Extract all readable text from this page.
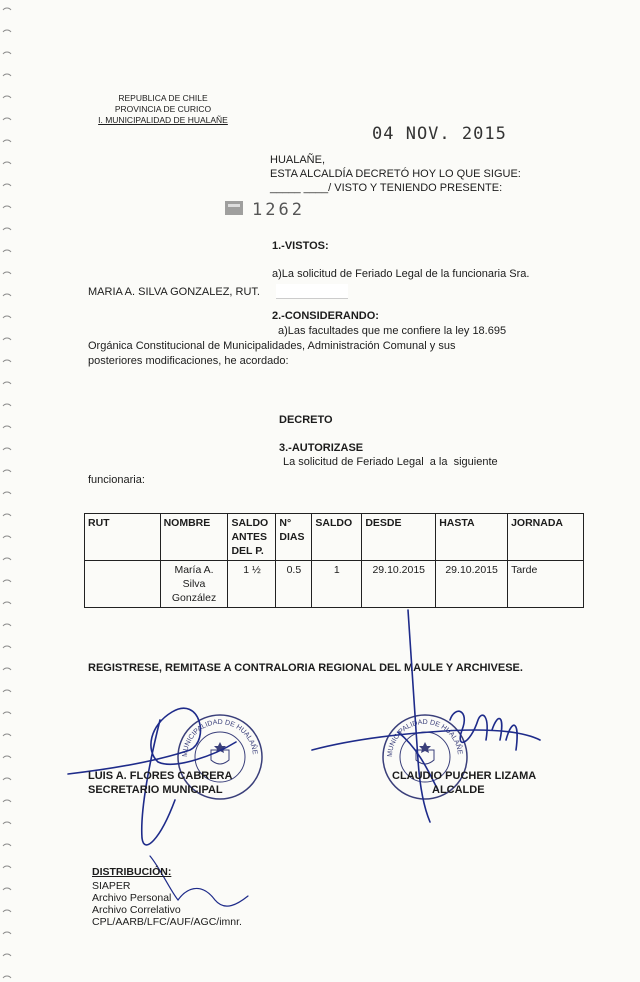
REPUBLICA DE CHILE
PROVINCIA DE CURICO
I. MUNICIPALIDAD DE HUALAÑE
04 NOV. 2015
HUALAÑE,
ESTA ALCALDÍA DECRETÓ HOY LO QUE SIGUE:
_____ ____/ VISTO Y TENIENDO PRESENTE:
1262
1.-VISTOS:
a)La solicitud de Feriado Legal de la funcionaria Sra.
MARIA A. SILVA GONZALEZ, RUT.
2.-CONSIDERANDO:
a)Las facultades que me confiere la ley 18.695
Orgánica Constitucional de Municipalidades, Administración Comunal y sus
posteriores modificaciones, he acordado:
DECRETO
3.-AUTORIZASE
La solicitud de Feriado Legal  a la  siguiente
funcionaria:
RUT	NOMBRE	SALDO ANTES DEL P.	N° DIAS	SALDO	DESDE	HASTA	JORNADA
	María A. Silva González	1 ½	0.5	1	29.10.2015	29.10.2015	Tarde
REGISTRESE, REMITASE A CONTRALORIA REGIONAL DEL MAULE Y ARCHIVESE.
MUNICIPALIDAD DE HUALAÑE	MUNICIPALIDAD DE HUALAÑE
LUIS A. FLORES CABRERA
SECRETARIO MUNICIPAL
CLAUDIO PUCHER LIZAMA
ALCALDE
DISTRIBUCIÓN:
SIAPER
Archivo Personal
Archivo Correlativo
CPL/AARB/LFC/AUF/AGC/imnr.
